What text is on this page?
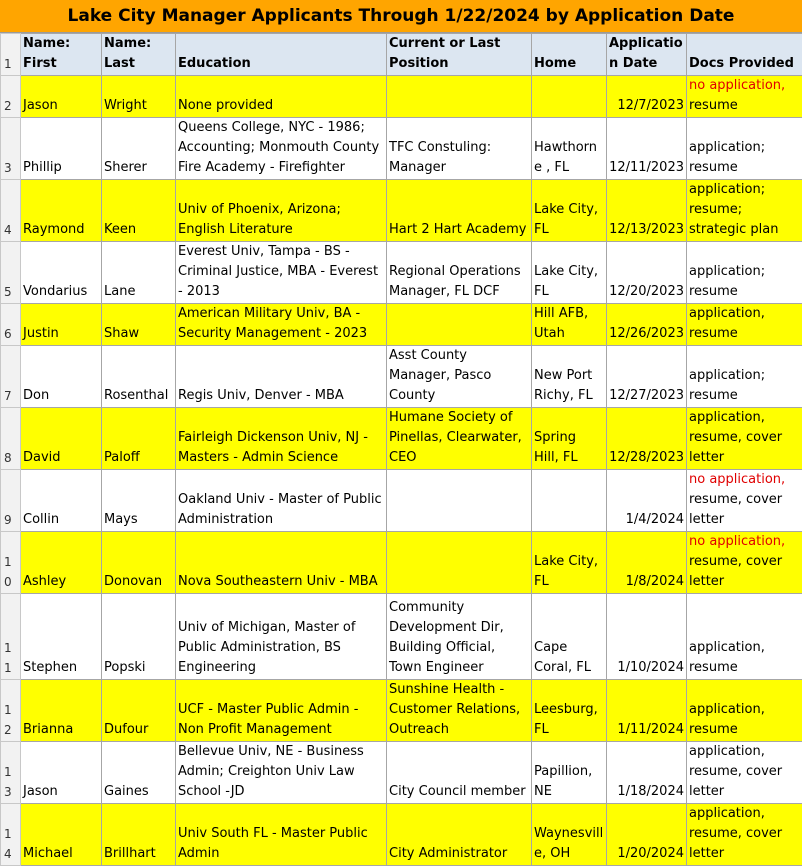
Lake City Manager Applicants Through 1/22/2024 by Application Date
1	Name: First	Name: Last	Education	Current or Last Position	Home	Application Date	Docs Provided
2	Jason	Wright	None provided			12/7/2023	no application,
resume
3	Phillip	Sherer	Queens College, NYC - 1986; Accounting; Monmouth County Fire Academy - Firefighter	TFC Constuling: Manager	Hawthorne , FL	12/11/2023	application; resume
4	Raymond	Keen	Univ of Phoenix, Arizona; English Literature	Hart 2 Hart Academy	Lake City, FL	12/13/2023	application; resume; strategic plan
5	Vondarius	Lane	Everest Univ, Tampa - BS - Criminal Justice, MBA - Everest - 2013	Regional Operations Manager, FL DCF	Lake City, FL	12/20/2023	application; resume
6	Justin	Shaw	American Military Univ, BA - Security Management - 2023		Hill AFB, Utah	12/26/2023	application, resume
7	Don	Rosenthal	Regis Univ, Denver - MBA	Asst County Manager, Pasco County	New Port Richy, FL	12/27/2023	application; resume
8	David	Paloff	Fairleigh Dickenson Univ, NJ - Masters - Admin Science	Humane Society of Pinellas, Clearwater, CEO	Spring Hill, FL	12/28/2023	application, resume, cover letter
9	Collin	Mays	Oakland Univ - Master of Public Administration			1/4/2024	no application,
resume, cover letter
10	Ashley	Donovan	Nova Southeastern Univ - MBA		Lake City, FL	1/8/2024	no application,
resume, cover letter
11	Stephen	Popski	Univ of Michigan, Master of Public Administration, BS Engineering	Community Development Dir, Building Official, Town Engineer	Cape Coral, FL	1/10/2024	application, resume
12	Brianna	Dufour	UCF - Master Public Admin - Non Profit Management	Sunshine Health - Customer Relations, Outreach	Leesburg, FL	1/11/2024	application, resume
13	Jason	Gaines	Bellevue Univ, NE - Business Admin; Creighton Univ Law School -JD	City Council member	Papillion, NE	1/18/2024	application, resume, cover letter
14	Michael	Brillhart	Univ South FL - Master Public Admin	City Administrator	Waynesville, OH	1/20/2024	application, resume, cover letter
